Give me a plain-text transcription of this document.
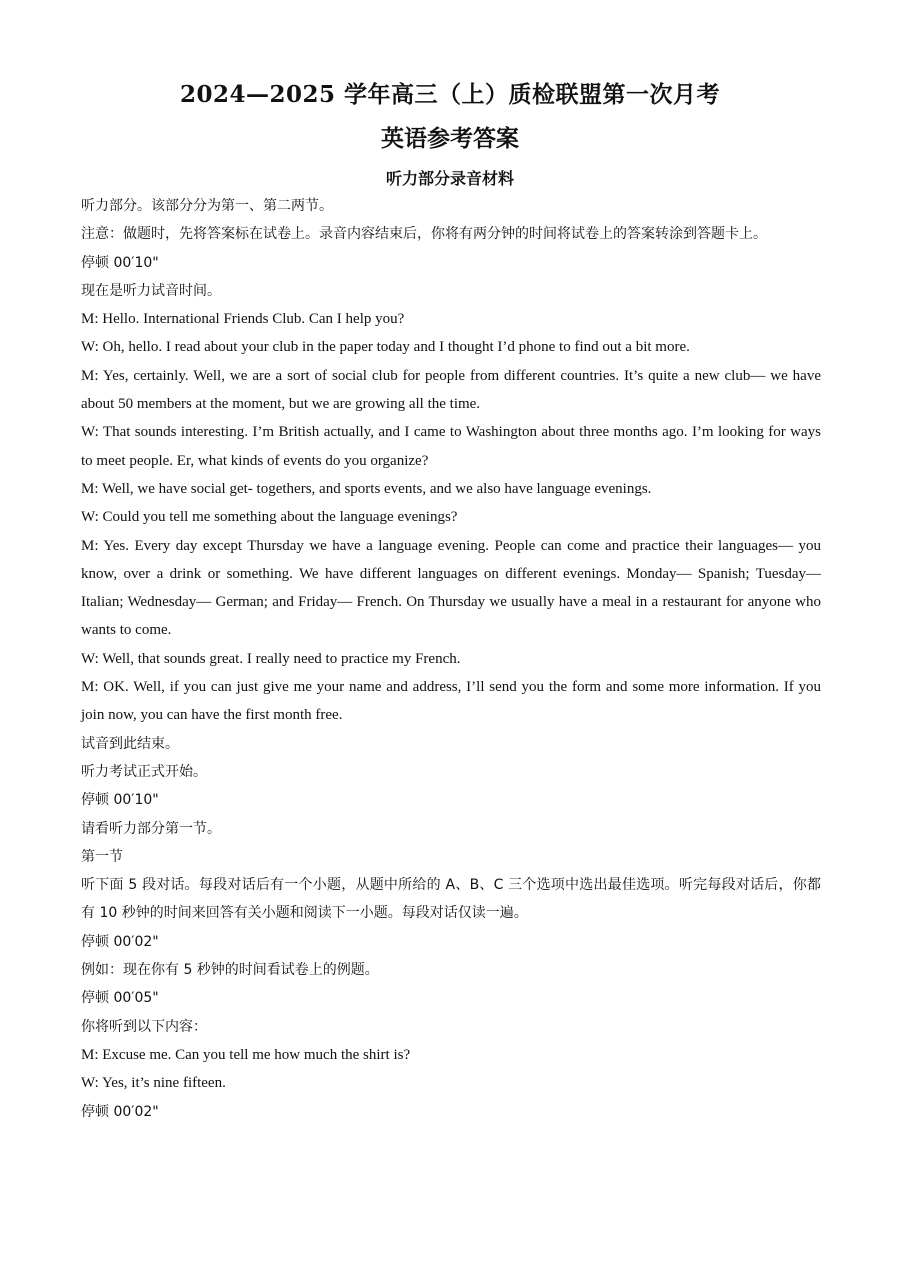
2024—2025 学年高三（上）质检联盟第一次月考
英语参考答案
听力部分录音材料

听力部分。该部分分为第一、第二两节。

注意：做题时，先将答案标在试卷上。录音内容结束后，你将有两分钟的时间将试卷上的答案转涂到答题卡上。

停顿 00′10"

现在是听力试音时间。

M: Hello. International Friends Club. Can I help you?

W: Oh, hello. I read about your club in the paper today and I thought I’d phone to find out a bit more.

M: Yes, certainly. Well, we are a sort of social club for people from different countries. It’s quite a new club— we have about 50 members at the moment, but we are growing all the time.

W: That sounds interesting. I’m British actually, and I came to Washington about three months ago. I’m looking for ways to meet people. Er, what kinds of events do you organize?

M: Well, we have social get- togethers, and sports events, and we also have language evenings.

W: Could you tell me something about the language evenings?

M: Yes. Every day except Thursday we have a language evening. People can come and practice their languages— you know, over a drink or something. We have different languages on different evenings. Monday— Spanish; Tuesday— Italian; Wednesday— German; and Friday— French. On Thursday we usually have a meal in a restaurant for anyone who wants to come.

W: Well, that sounds great. I really need to practice my French.

M: OK. Well, if you can just give me your name and address, I’ll send you the form and some more information. If you join now, you can have the first month free.

试音到此结束。

听力考试正式开始。

停顿 00′10"

请看听力部分第一节。

第一节

听下面 5 段对话。每段对话后有一个小题，从题中所给的 A、B、C 三个选项中选出最佳选项。听完每段对话后，你都有 10 秒钟的时间来回答有关小题和阅读下一小题。每段对话仅读一遍。

停顿 00′02"

例如：现在你有 5 秒钟的时间看试卷上的例题。

停顿 00′05"

你将听到以下内容：

M: Excuse me. Can you tell me how much the shirt is?

W: Yes, it’s nine fifteen.

停顿 00′02"
